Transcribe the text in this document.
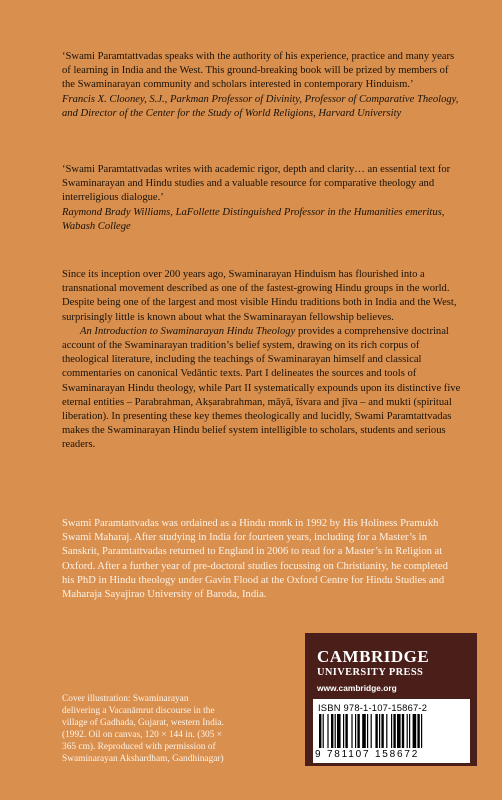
‘Swami Paramtattvadas speaks with the authority of his experience, practice and many years of learning in India and the West. This ground-breaking book will be prized by members of the Swaminarayan community and scholars interested in contemporary Hinduism.’

Francis X. Clooney, S.J., Parkman Professor of Divinity, Professor of Comparative Theology, and Director of the Center for the Study of World Religions, Harvard University

‘Swami Paramtattvadas writes with academic rigor, depth and clarity… an essential text for Swaminarayan and Hindu studies and a valuable resource for comparative theology and interreligious dialogue.’

Raymond Brady Williams, LaFollette Distinguished Professor in the Humanities emeritus, Wabash College

Since its inception over 200 years ago, Swaminarayan Hinduism has flourished into a transnational movement described as one of the fastest-growing Hindu groups in the world. Despite being one of the largest and most visible Hindu traditions both in India and the West, surprisingly little is known about what the Swaminarayan fellowship believes.

An Introduction to Swaminarayan Hindu Theology provides a comprehensive doctrinal account of the Swaminarayan tradition’s belief system, drawing on its rich corpus of theological literature, including the teachings of Swaminarayan himself and classical commentaries on canonical Vedāntic texts. Part I delineates the sources and tools of Swaminarayan Hindu theology, while Part II systematically expounds upon its distinctive five eternal entities – Parabrahman, Akṣarabrahman, māyā, īśvara and jīva – and mukti (spiritual liberation). In presenting these key themes theologically and lucidly, Swami Paramtattvadas makes the Swaminarayan Hindu belief system intelligible to scholars, students and serious readers.

Swami Paramtattvadas was ordained as a Hindu monk in 1992 by His Holiness Pramukh Swami Maharaj. After studying in India for fourteen years, including for a Master’s in Sanskrit, Paramtattvadas returned to England in 2006 to read for a Master’s in Religion at Oxford. After a further year of pre-doctoral studies focussing on Christianity, he completed his PhD in Hindu theology under Gavin Flood at the Oxford Centre for Hindu Studies and Maharaja Sayajirao University of Baroda, India.

Cover illustration: Swaminarayan delivering a Vacanāmrut discourse in the village of Gadhada, Gujarat, western India. (1992. Oil on canvas, 120 × 144 in. (305 × 365 cm). Reproduced with permission of Swaminarayan Akshardham, Gandhinagar)
CAMBRIDGE
UNIVERSITY PRESS
www.cambridge.org
ISBN 978-1-107-15867-2
9 781107 158672
